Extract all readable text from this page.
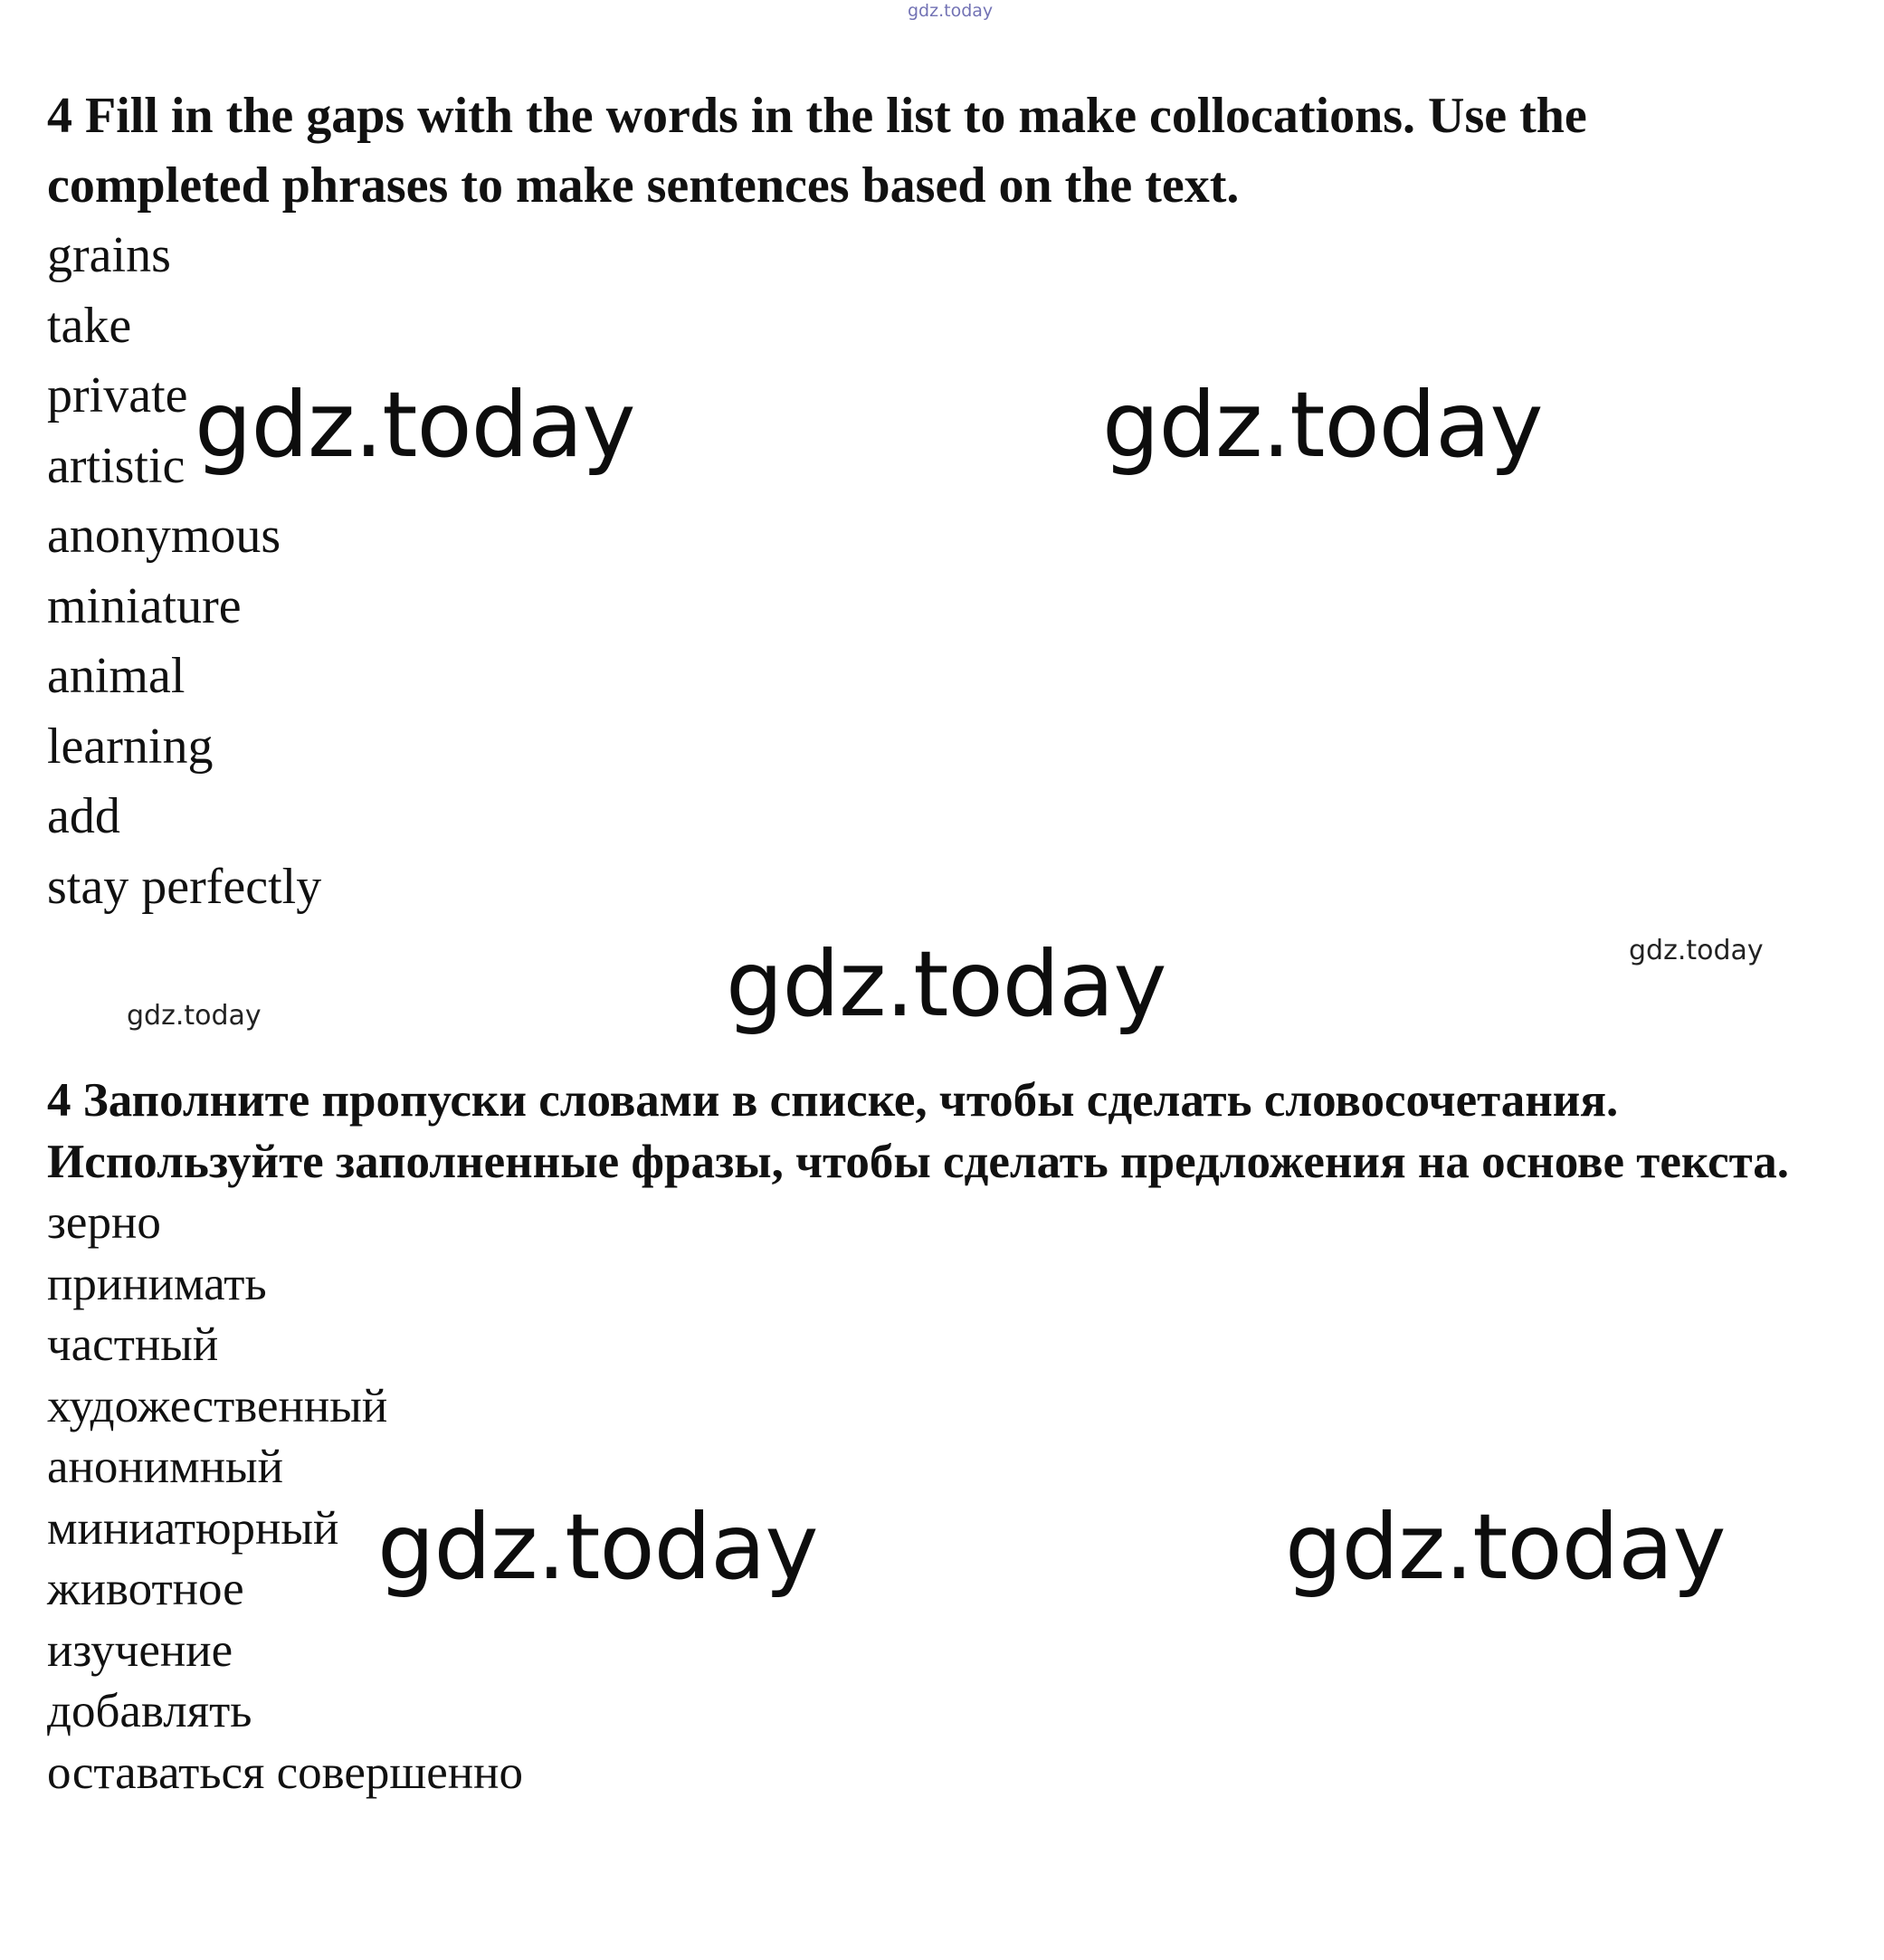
gdz.today
4 Fill in the gaps with the words in the list to make collocations. Use the completed phrases to make sentences based on the text.
grains
take
private
artistic
anonymous
miniature
animal
learning
add
stay perfectly
4 Заполните пропуски словами в списке, чтобы сделать словосочетания. Используйте заполненные фразы, чтобы сделать предложения на основе текста.
зерно
принимать
частный
художественный
анонимный
миниатюрный
животное
изучение
добавлять
оставаться совершенно
gdz.today	gdz.today
gdz.today
gdz.today	gdz.today
gdz.today
gdz.today
